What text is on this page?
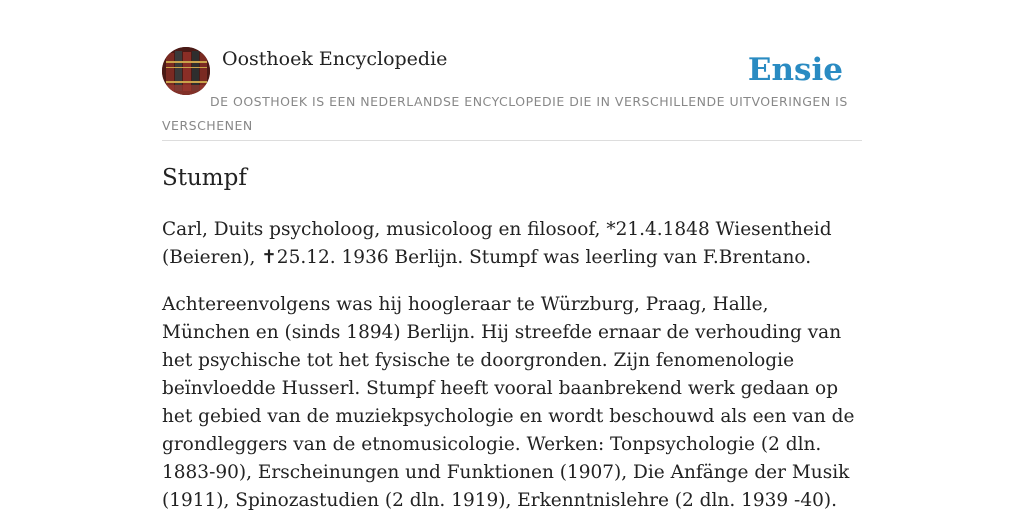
Oosthoek Encyclopedie	Ensie
DE OOSTHOEK IS EEN NEDERLANDSE ENCYCLOPEDIE DIE IN VERSCHILLENDE UITVOERINGEN IS VERSCHENEN
Stumpf

Carl, Duits psycholoog, musicoloog en filosoof, *21.4.1848 Wiesentheid (Beieren), ✝25.12. 1936 Berlijn. Stumpf was leerling van F.Brentano.

Achtereenvolgens was hij hoogleraar te Würzburg, Praag, Halle, München en (sinds 1894) Berlijn. Hij streefde ernaar de verhouding van het psychische tot het fysische te doorgronden. Zijn fenomenologie beïnvloedde Husserl. Stumpf heeft vooral baanbrekend werk gedaan op het gebied van de muziekpsychologie en wordt beschouwd als een van de grondleggers van de etnomusicologie. Werken: Tonpsychologie (2 dln. 1883-90), Erscheinungen und Funktionen (1907), Die Anfänge der Musik (1911), Spinozastudien (2 dln. 1919), Erkenntnislehre (2 dln. 1939 -40).
